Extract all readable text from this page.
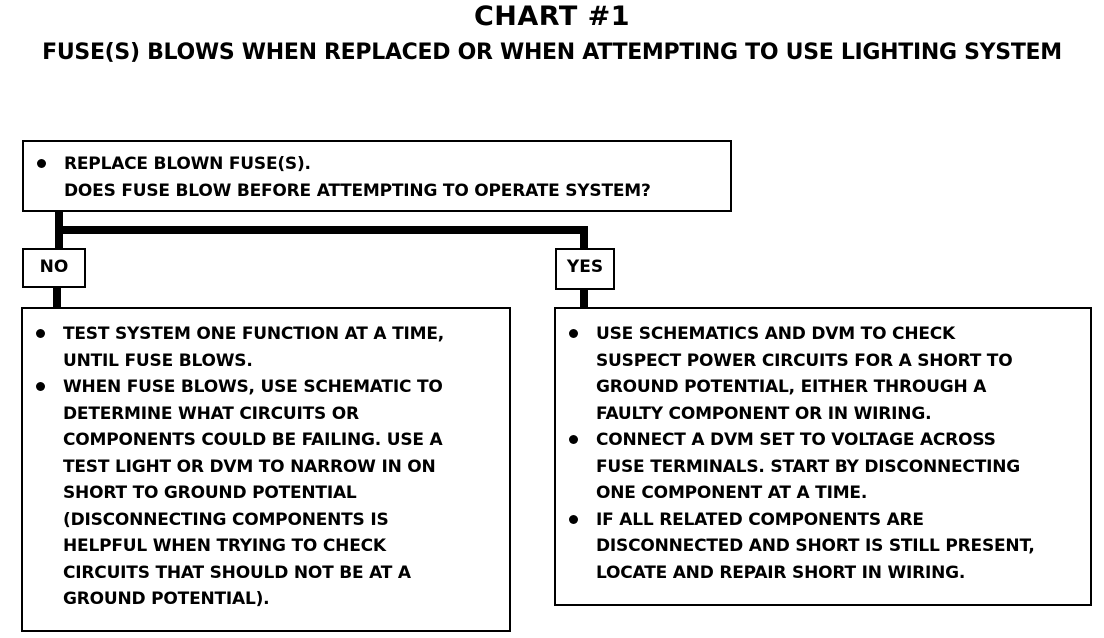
CHART #1
FUSE(S) BLOWS WHEN REPLACED OR WHEN ATTEMPTING TO USE LIGHTING SYSTEM
REPLACE BLOWN FUSE(S).
DOES FUSE BLOW BEFORE ATTEMPTING TO OPERATE SYSTEM?
NO	YES
TEST SYSTEM ONE FUNCTION AT A TIME,
UNTIL FUSE BLOWS.
WHEN FUSE BLOWS, USE SCHEMATIC TO
DETERMINE WHAT CIRCUITS OR
COMPONENTS COULD BE FAILING. USE A
TEST LIGHT OR DVM TO NARROW IN ON
SHORT TO GROUND POTENTIAL
(DISCONNECTING COMPONENTS IS
HELPFUL WHEN TRYING TO CHECK
CIRCUITS THAT SHOULD NOT BE AT A
GROUND POTENTIAL).
USE SCHEMATICS AND DVM TO CHECK
SUSPECT POWER CIRCUITS FOR A SHORT TO
GROUND POTENTIAL, EITHER THROUGH A
FAULTY COMPONENT OR IN WIRING.
CONNECT A DVM SET TO VOLTAGE ACROSS
FUSE TERMINALS. START BY DISCONNECTING
ONE COMPONENT AT A TIME.
IF ALL RELATED COMPONENTS ARE
DISCONNECTED AND SHORT IS STILL PRESENT,
LOCATE AND REPAIR SHORT IN WIRING.
